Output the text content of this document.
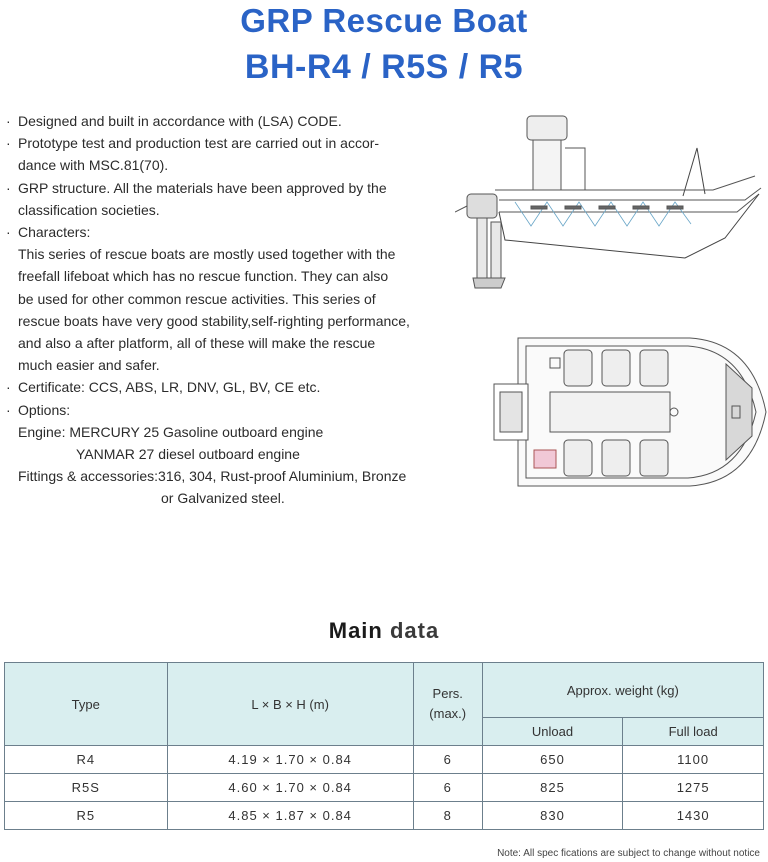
GRP Rescue Boat
BH-R4 / R5S / R5
· Designed and built in accordance with (LSA) CODE.
· Prototype test and production test are carried out in accor-
dance with MSC.81(70).
· GRP structure. All the materials have been approved by the
classification societies.
· Characters:
This series of rescue boats are mostly used together with the
freefall lifeboat which has no rescue function. They can also
be used for other common rescue activities. This series of
rescue boats have very good stability,self-righting performance,
and also a after platform, all of these will make the rescue
much easier and safer.
· Certificate: CCS, ABS, LR, DNV, GL, BV, CE etc.
· Options:
Engine: MERCURY 25 Gasoline outboard engine
YANMAR 27 diesel outboard engine
Fittings & accessories:316, 304, Rust-proof Aluminium, Bronze
or Galvanized steel.
Main data
Type	L × B × H (m)	Pers.
(max.)	Approx. weight (kg)	
			Unload	Full load
R4	4.19 × 1.70 × 0.84	6	650	1100
R5S	4.60 × 1.70 × 0.84	6	825	1275
R5	4.85 × 1.87 × 0.84	8	830	1430
Note: All spec fications are subject to change without notice
